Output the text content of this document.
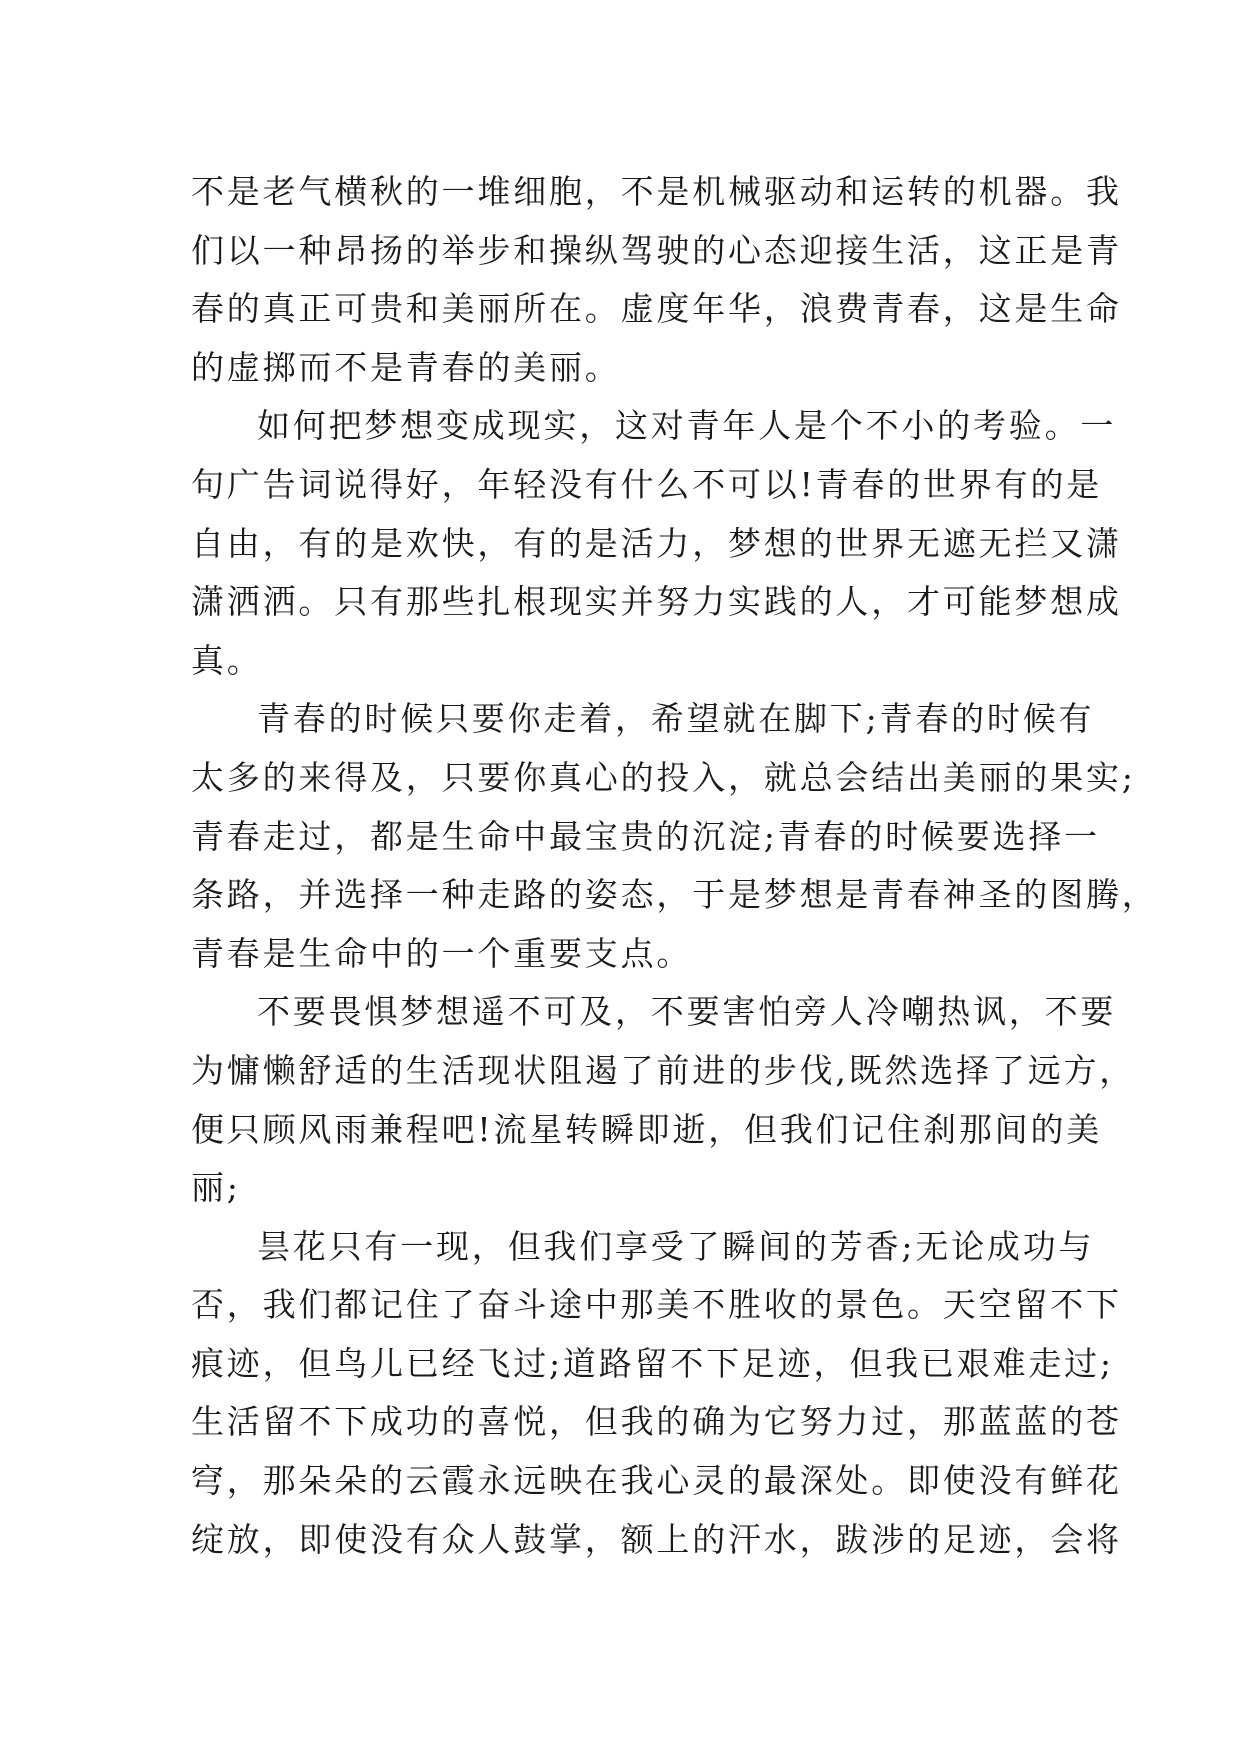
不是老气横秋的一堆细胞，不是机械驱动和运转的机器。我
们以一种昂扬的举步和操纵驾驶的心态迎接生活，这正是青
春的真正可贵和美丽所在。虚度年华，浪费青春，这是生命
的虚掷而不是青春的美丽。
如何把梦想变成现实，这对青年人是个不小的考验。一
句广告词说得好，年轻没有什么不可以!青春的世界有的是
自由，有的是欢快，有的是活力，梦想的世界无遮无拦又潇
潇洒洒。只有那些扎根现实并努力实践的人，才可能梦想成
真。
青春的时候只要你走着，希望就在脚下;青春的时候有
太多的来得及，只要你真心的投入，就总会结出美丽的果实;
青春走过，都是生命中最宝贵的沉淀;青春的时候要选择一
条路，并选择一种走路的姿态，于是梦想是青春神圣的图腾，
青春是生命中的一个重要支点。
不要畏惧梦想遥不可及，不要害怕旁人冷嘲热讽，不要
为慵懒舒适的生活现状阻遏了前进的步伐,既然选择了远方，
便只顾风雨兼程吧!流星转瞬即逝，但我们记住刹那间的美
丽;
昙花只有一现，但我们享受了瞬间的芳香;无论成功与
否，我们都记住了奋斗途中那美不胜收的景色。天空留不下
痕迹，但鸟儿已经飞过;道路留不下足迹，但我已艰难走过;
生活留不下成功的喜悦，但我的确为它努力过，那蓝蓝的苍
穹，那朵朵的云霞永远映在我心灵的最深处。即使没有鲜花
绽放，即使没有众人鼓掌，额上的汗水，跋涉的足迹，会将
